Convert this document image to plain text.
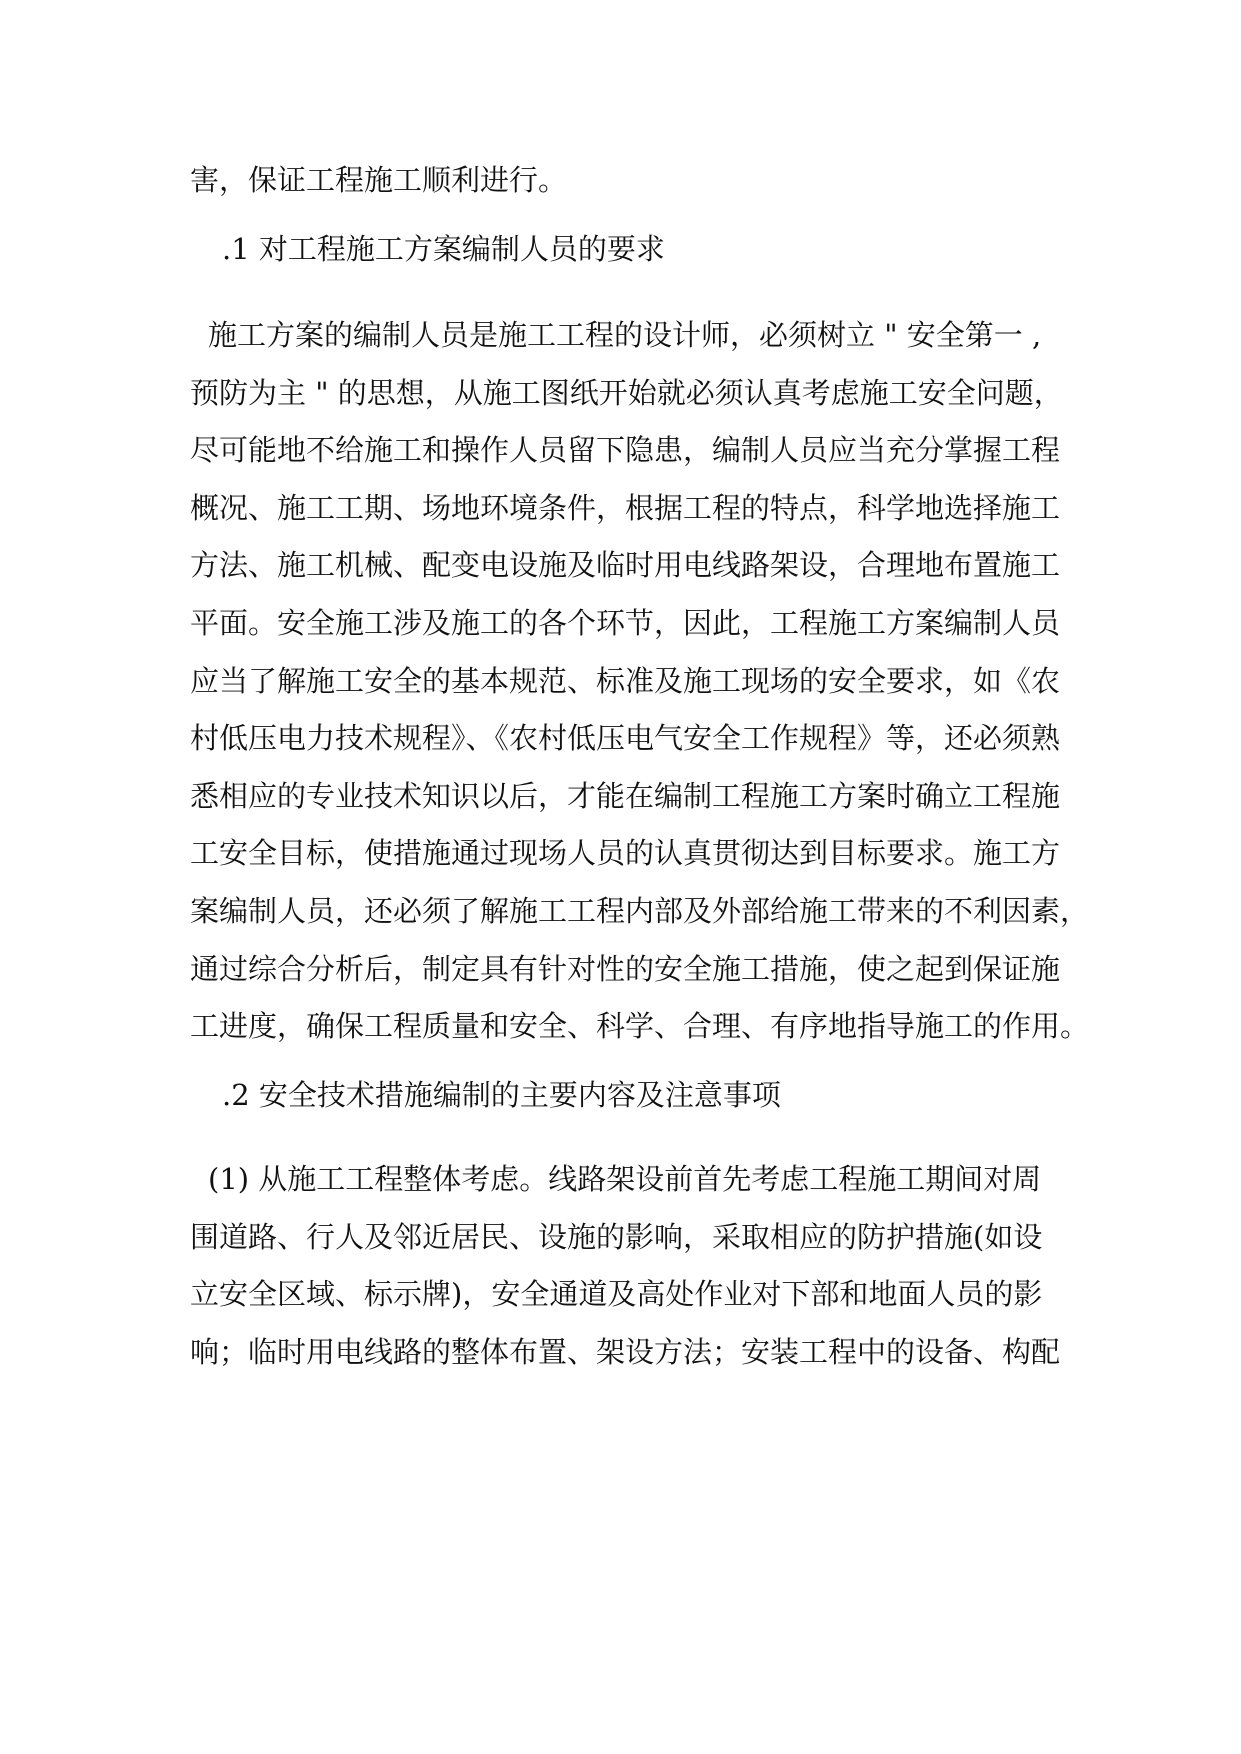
害，保证工程施工顺利进行。
.1 对工程施工方案编制人员的要求
施工方案的编制人员是施工工程的设计师，必须树立 " 安全第一 ,
预防为主 " 的思想，从施工图纸开始就必须认真考虑施工安全问题，
尽可能地不给施工和操作人员留下隐患，编制人员应当充分掌握工程
概况、施工工期、场地环境条件，根据工程的特点，科学地选择施工
方法、施工机械、配变电设施及临时用电线路架设，合理地布置施工
平面。安全施工涉及施工的各个环节，因此，工程施工方案编制人员
应当了解施工安全的基本规范、标准及施工现场的安全要求，如《农
村低压电力技术规程》、《农村低压电气安全工作规程》等，还必须熟
悉相应的专业技术知识以后，才能在编制工程施工方案时确立工程施
工安全目标，使措施通过现场人员的认真贯彻达到目标要求。施工方
案编制人员，还必须了解施工工程内部及外部给施工带来的不利因素，
通过综合分析后，制定具有针对性的安全施工措施，使之起到保证施
工进度，确保工程质量和安全、科学、合理、有序地指导施工的作用。
.2 安全技术措施编制的主要内容及注意事项
(1) 从施工工程整体考虑。线路架设前首先考虑工程施工期间对周
围道路、行人及邻近居民、设施的影响，采取相应的防护措施(如设
立安全区域、标示牌)，安全通道及高处作业对下部和地面人员的影
响；临时用电线路的整体布置、架设方法；安装工程中的设备、构配
